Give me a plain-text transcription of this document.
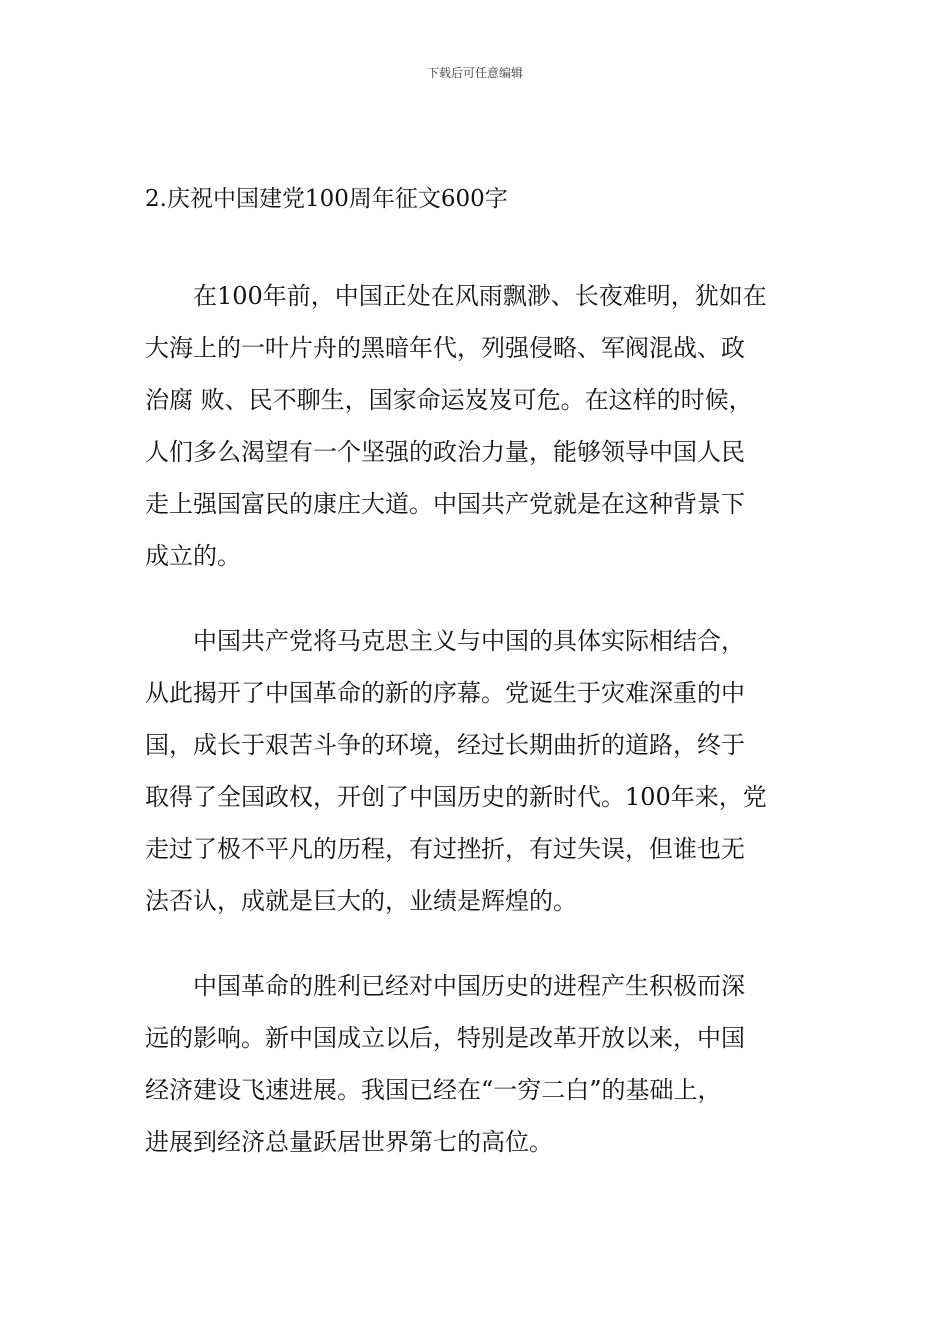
下载后可任意编辑
2.庆祝中国建党100周年征文600字
　　在100年前，中国正处在风雨飘渺、长夜难明，犹如在
大海上的一叶片舟的黑暗年代，列强侵略、军阀混战、政
治腐 败、民不聊生，国家命运岌岌可危。在这样的时候，
人们多么渴望有一个坚强的政治力量，能够领导中国人民
走上强国富民的康庄大道。中国共产党就是在这种背景下
成立的。
　　中国共产党将马克思主义与中国的具体实际相结合，
从此揭开了中国革命的新的序幕。党诞生于灾难深重的中
国，成长于艰苦斗争的环境，经过长期曲折的道路，终于
取得了全国政权，开创了中国历史的新时代。100年来，党
走过了极不平凡的历程，有过挫折，有过失误，但谁也无
法否认，成就是巨大的，业绩是辉煌的。
　　中国革命的胜利已经对中国历史的进程产生积极而深
远的影响。新中国成立以后，特别是改革开放以来，中国
经济建设飞速进展。我国已经在“一穷二白”的基础上，
进展到经济总量跃居世界第七的高位。
